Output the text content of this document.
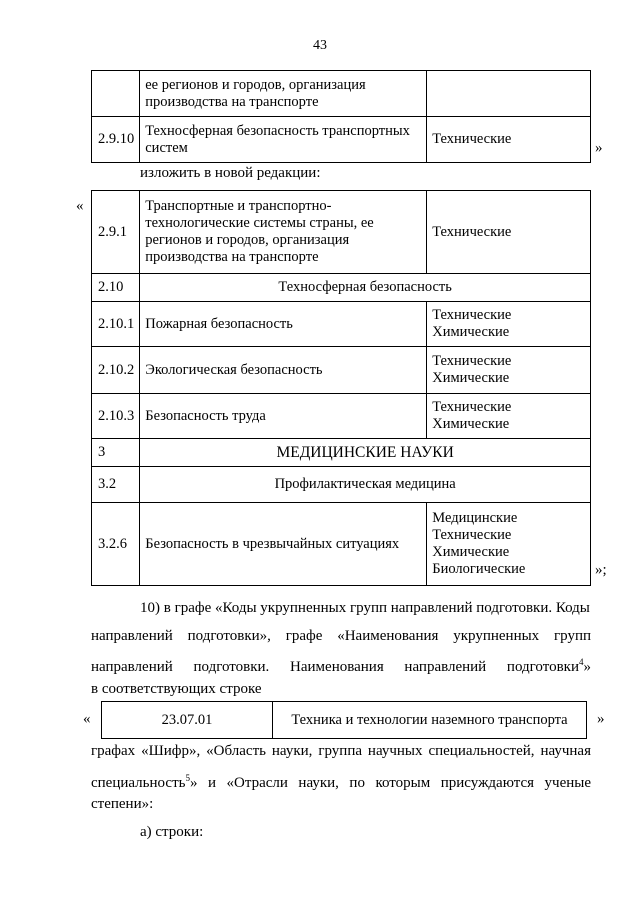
43
	ее регионов и городов, организация производства на транспорте	
2.9.10	Техносферная безопасность транспортных систем	Технические
»
изложить в новой редакции:
«
2.9.1	Транспортные и транспортно-технологические системы страны, ее регионов и городов, организация производства на транспорте	Технические
2.10	Техносферная безопасность	
2.10.1	Пожарная безопасность	Технические
Химические

2.10.2	Экологическая безопасность	Технические
Химические

2.10.3	Безопасность труда	Технические
Химические

3	МЕДИЦИНСКИЕ НАУКИ	
3.2	Профилактическая медицина	
3.2.6	Безопасность в чрезвычайных ситуациях	Медицинские
Технические
Химические
Биологические	»;
10) в графе «Коды укрупненных групп направлений подготовки. Коды
направлений подготовки», графе «Наименования укрупненных групп
направлений подготовки. Наименования направлений подготовки$^4$»
в соответствующих строке
«	23.07.01	Техника и технологии наземного транспорта »
графах «Шифр», «Область науки, группа научных специальностей, научная
специальность$^5$» и «Отрасли науки, по которым присуждаются ученые
степени»:
а) строки:
